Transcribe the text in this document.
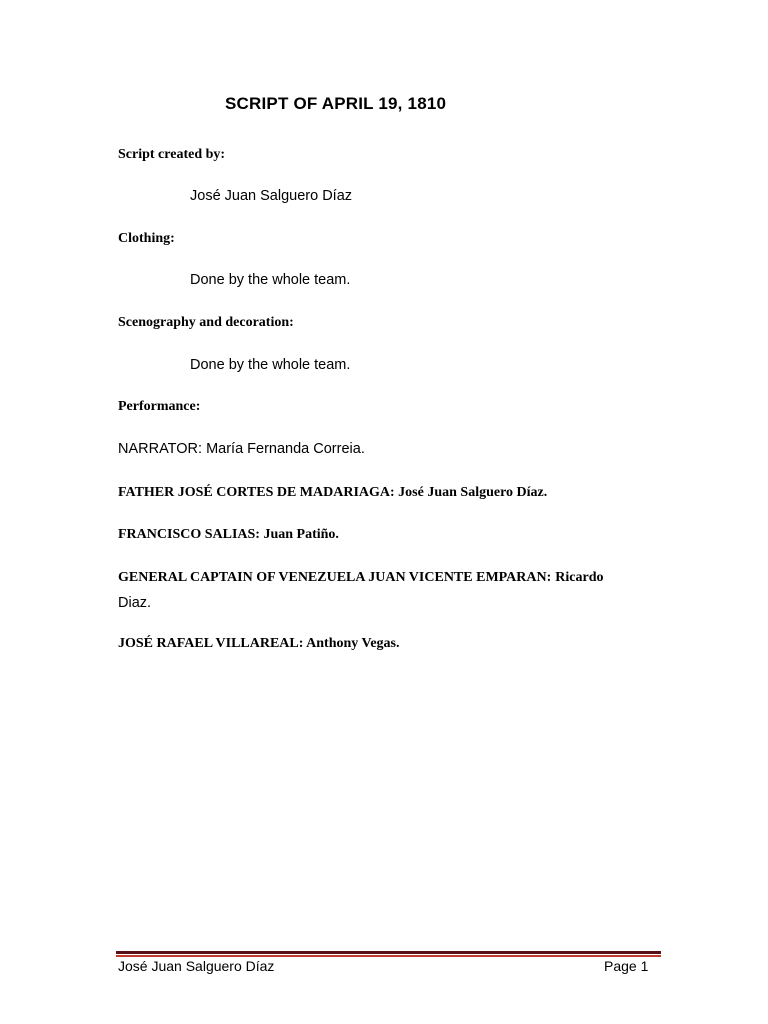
SCRIPT OF APRIL 19, 1810
Script created by:
José Juan Salguero Díaz
Clothing:
Done by the whole team.
Scenography and decoration:
Done by the whole team.
Performance:
NARRATOR: María Fernanda Correia.
FATHER JOSÉ CORTES DE MADARIAGA: José Juan Salguero Díaz.
FRANCISCO SALIAS: Juan Patiño.
GENERAL CAPTAIN OF VENEZUELA JUAN VICENTE EMPARAN: Ricardo
Diaz.
JOSÉ RAFAEL VILLAREAL: Anthony Vegas.
José Juan Salguero Díaz	Page 1
